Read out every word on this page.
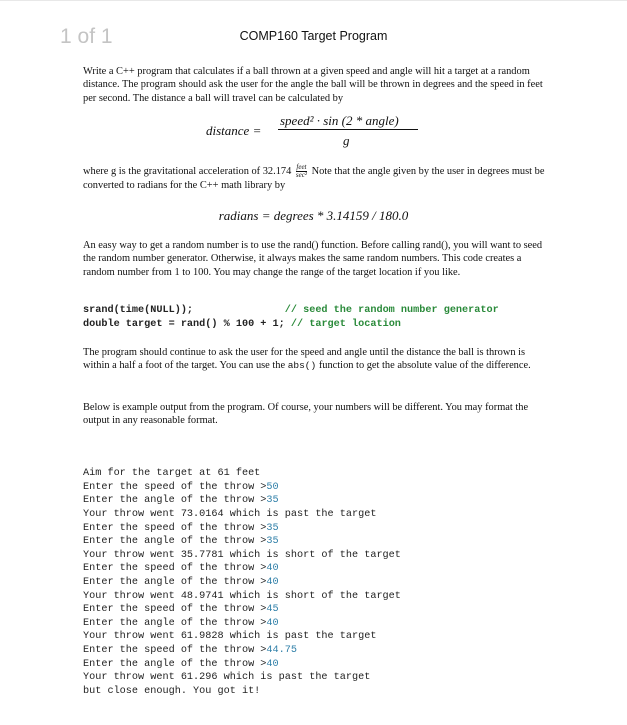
1 of 1	COMP160 Target Program

Write a C++ program that calculates if a ball thrown at a given speed and angle will hit a target at a random distance. The program should ask the user for the angle the ball will be thrown in degrees and the speed in feet per second. The distance a ball will travel can be calculated by

distance =
speed² · sin (2 * angle)
g

where g is the gravitational acceleration of $32.174 \frac{\text{feet}}{\text{sec²}}$ Note that the angle given by the user in degrees must be converted to radians for the C++ math library by

radians = degrees * 3.14159 / 180.0

An easy way to get a random number is to use the rand() function. Before calling rand(), you will want to seed the random number generator. Otherwise, it always makes the same random numbers. This code creates a random number from 1 to 100. You may change the range of the target location if you like.

srand(time(NULL));	// seed the random number generator
double target = rand() % 100 + 1; // target location

The program should continue to ask the user for the speed and angle until the distance the ball is thrown is within a half a foot of the target. You can use the abs() function to get the absolute value of the difference.

Below is example output from the program. Of course, your numbers will be different. You may format the output in any reasonable format.

Aim for the target at 61 feet
Enter the speed of the throw >50
Enter the angle of the throw >35
Your throw went 73.0164 which is past the target
Enter the speed of the throw >35
Enter the angle of the throw >35
Your throw went 35.7781 which is short of the target
Enter the speed of the throw >40
Enter the angle of the throw >40
Your throw went 48.9741 which is short of the target
Enter the speed of the throw >45
Enter the angle of the throw >40
Your throw went 61.9828 which is past the target
Enter the speed of the throw >44.75
Enter the angle of the throw >40
Your throw went 61.296 which is past the target
but close enough. You got it!
